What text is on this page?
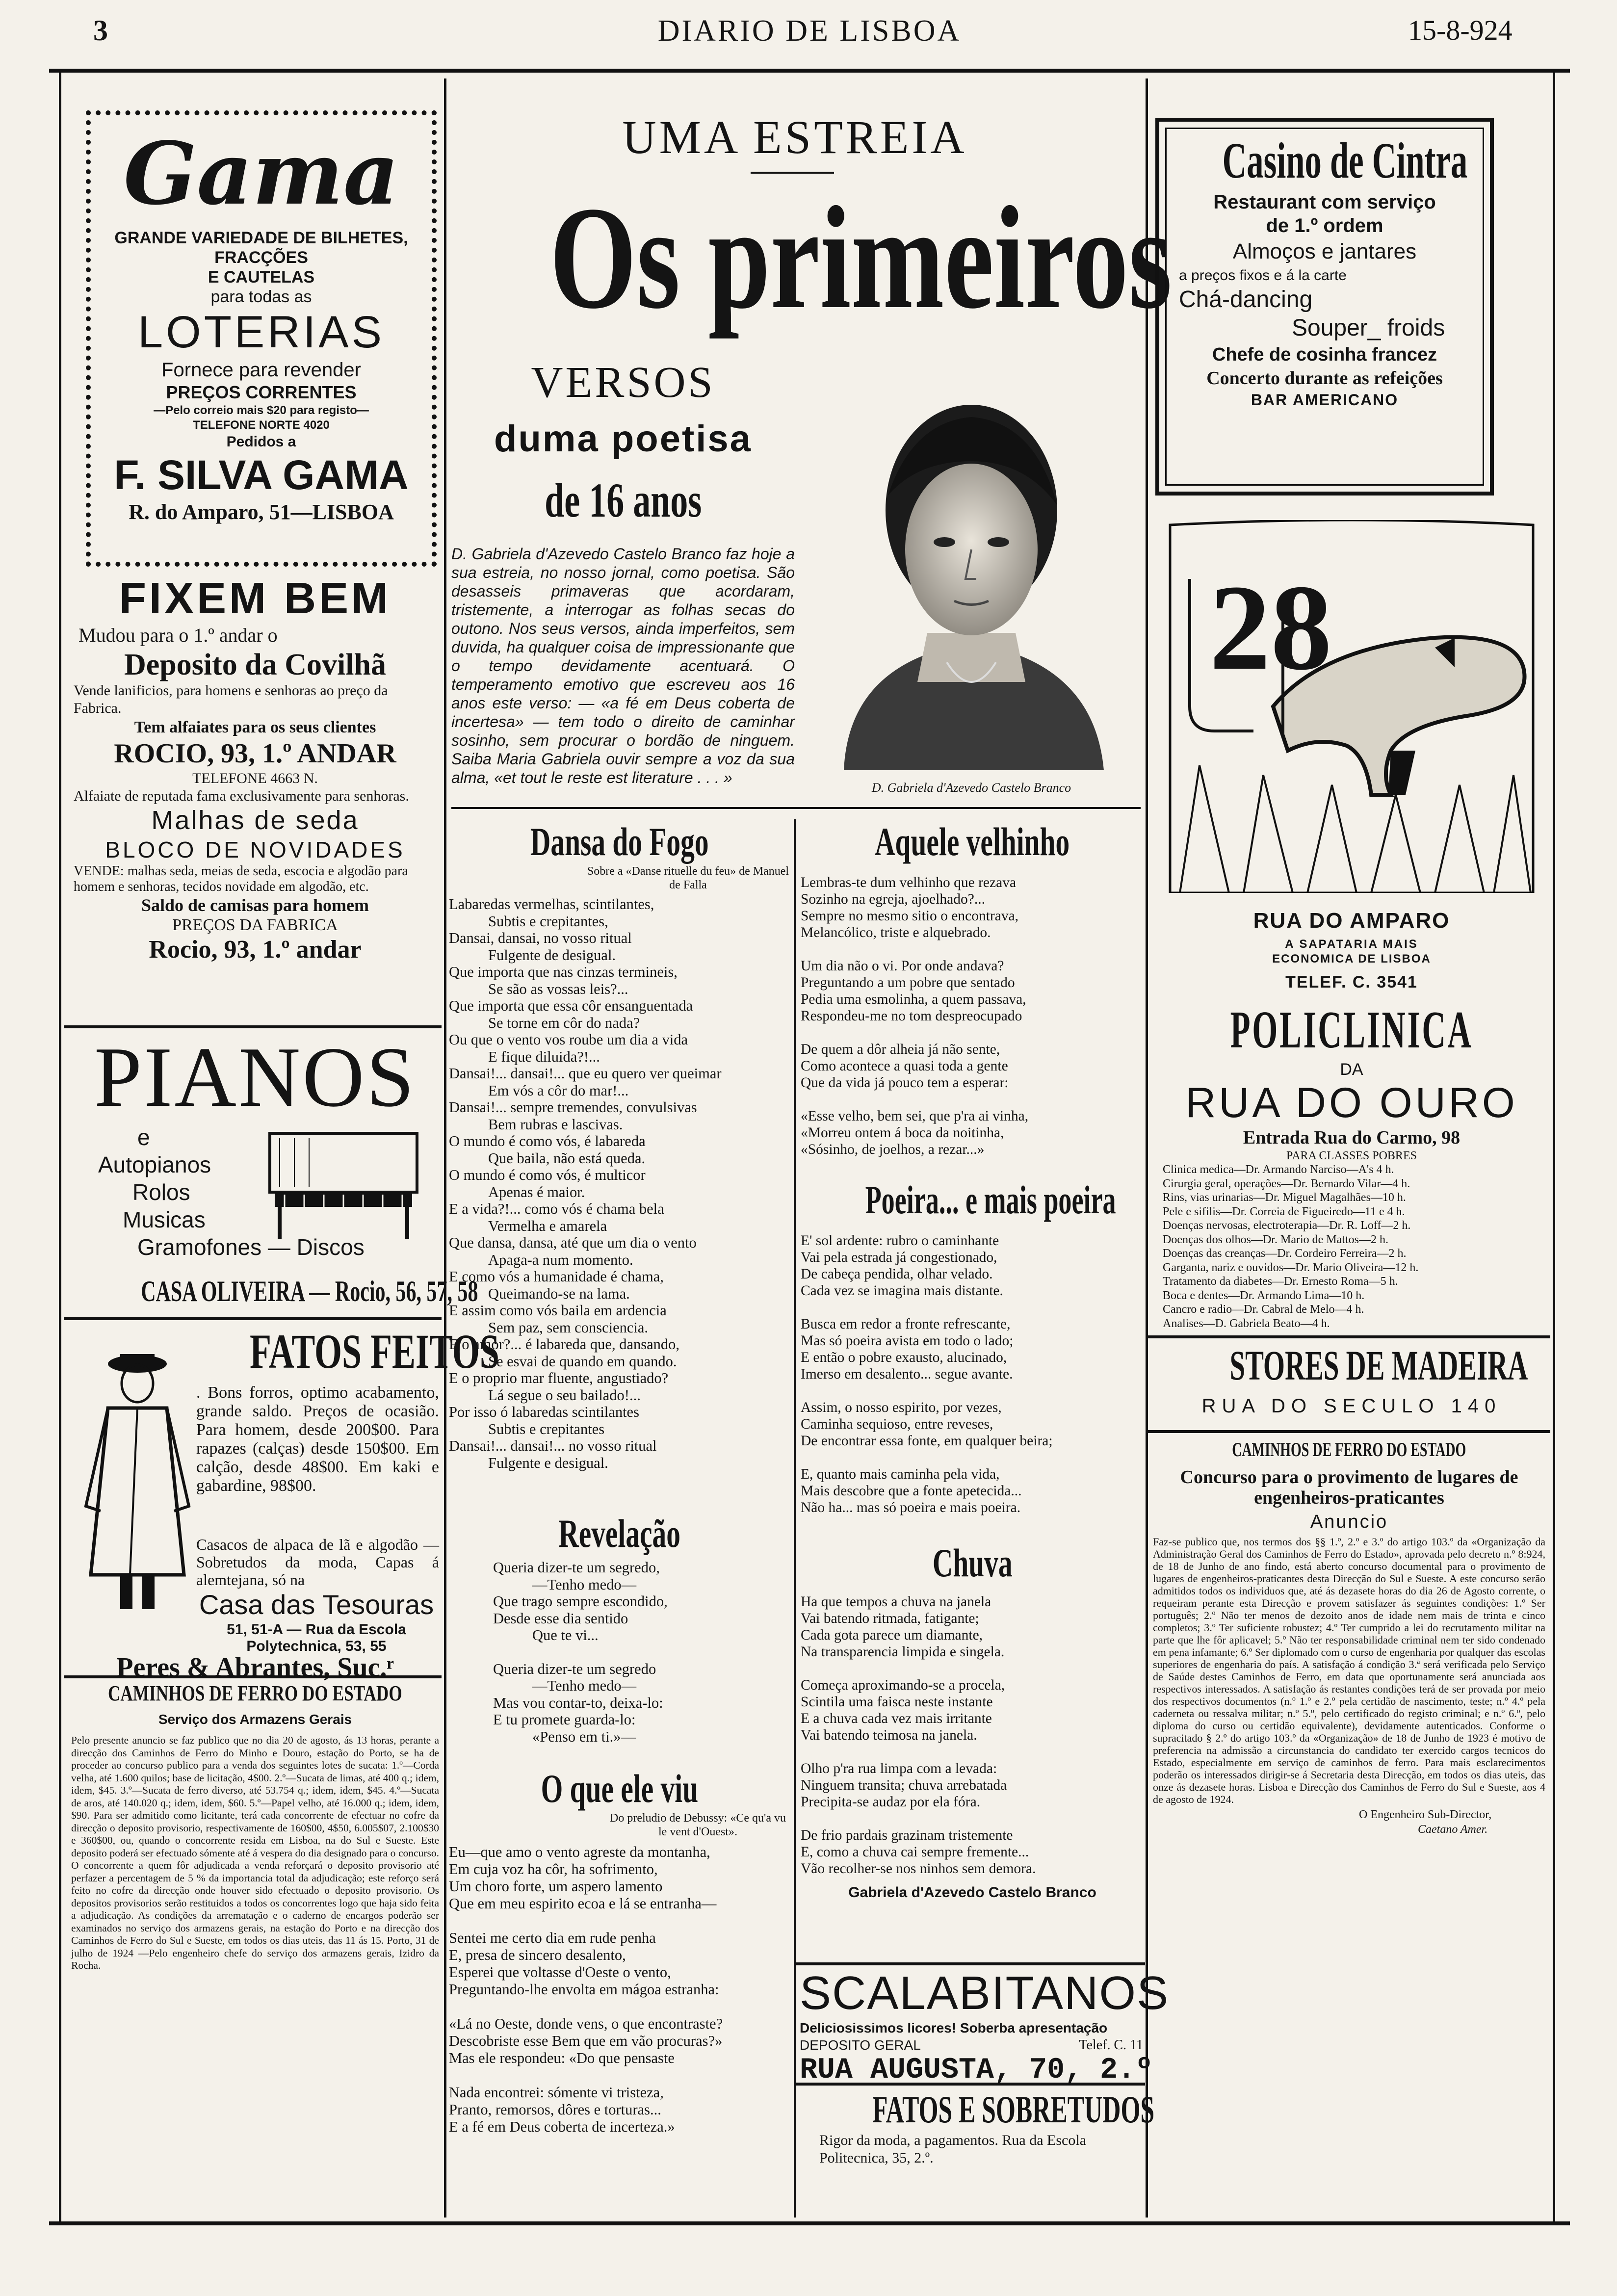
3	DIARIO DE LISBOA	15-8-924
Gama
GRANDE VARIEDADE DE BILHETES, FRACÇÕES
E CAUTELAS
para todas as
LOTERIAS
Fornece para revender
PREÇOS CORRENTES
—Pelo correio mais $20 para registo—
TELEFONE NORTE 4020
Pedidos a
F. SILVA GAMA
R. do Amparo, 51—LISBOA
FIXEM BEM
Mudou para o 1.º andar o
Deposito da Covilhã
Vende lanificios, para homens e senhoras ao preço da Fabrica.
Tem alfaiates para os seus clientes
ROCIO, 93, 1.º ANDAR
TELEFONE 4663 N.
Alfaiate de reputada fama exclusivamente para senhoras.
Malhas de seda
BLOCO DE NOVIDADES
VENDE: malhas seda, meias de seda, escocia e algodão para homem e senhoras, tecidos novidade em algodão, etc.
Saldo de camisas para homem
PREÇOS DA FABRICA
Rocio, 93, 1.º andar
PIANOS
e
Autopianos
Rolos
Musicas
Gramofones — Discos
CASA OLIVEIRA — Rocio, 56, 57, 58
FATOS FEITOS
. Bons forros, optimo acabamento, grande saldo. Preços de ocasião. Para homem, desde 200$00. Para rapazes (calças) desde 150$00. Em calção, desde 48$00. Em kaki e gabardine, 98$00.
Casacos de alpaca de lã e algodão — Sobretudos da moda, Capas á alemtejana, só na
Casa das Tesouras
51, 51-A — Rua da Escola Polytechnica, 53, 55
Peres & Abrantes, Suc.ʳ
CAMINHOS DE FERRO DO ESTADO
Serviço dos Armazens Gerais
Pelo presente anuncio se faz publico que no dia 20 de agosto, ás 13 horas, perante a direcção dos Caminhos de Ferro do Minho e Douro, estação do Porto, se ha de proceder ao concurso publico para a venda dos seguintes lotes de sucata: 1.º—Corda velha, até 1.600 quilos; base de licitação, 4$00. 2.º—Sucata de limas, até 400 q.; idem, idem, $45. 3.º—Sucata de ferro diverso, até 53.754 q.; idem, idem, $45. 4.º—Sucata de aros, até 140.020 q.; idem, idem, $60. 5.º—Papel velho, até 16.000 q.; idem, idem, $90. Para ser admitido como licitante, terá cada concorrente de efectuar no cofre da direcção o deposito provisorio, respectivamente de 160$00, 4$50, 6.005$07, 2.100$30 e 360$00, ou, quando o concorrente resida em Lisboa, na do Sul e Sueste. Este deposito poderá ser efectuado sómente até á vespera do dia designado para o concurso. O concorrente a quem fôr adjudicada a venda reforçará o deposito provisorio até perfazer a percentagem de 5 % da importancia total da adjudicação; este reforço será feito no cofre da direcção onde houver sido efectuado o deposito provisorio. Os depositos provisorios serão restituidos a todos os concorrentes logo que haja sido feita a adjudicação. As condições da arrematação e o caderno de encargos poderão ser examinados no serviço dos armazens gerais, na estação do Porto e na direcção dos Caminhos de Ferro do Sul e Sueste, em todos os dias uteis, das 11 ás 15. Porto, 31 de julho de 1924 —Pelo engenheiro chefe do serviço dos armazens gerais, Izidro da Rocha.
UMA ESTREIA
Os primeiros
VERSOS
duma poetisa
de 16 anos
D. Gabriela d'Azevedo Castelo Branco faz hoje a sua estreia, no nosso jornal, como poetisa. São desasseis primaveras que acordaram, tristemente, a interrogar as folhas secas do outono. Nos seus versos, ainda imperfeitos, sem duvida, ha qualquer coisa de impressionante que o tempo devidamente acentuará. O temperamento emotivo que escreveu aos 16 anos este verso: — «a fé em Deus coberta de incertesa» — tem todo o direito de caminhar sosinho, sem procurar o bordão de ninguem. Saiba Maria Gabriela ouvir sempre a voz da sua alma, «et tout le reste est literature . . . »
D. Gabriela d'Azevedo Castelo Branco
Dansa do Fogo
Sobre a «Danse rituelle du feu» de Manuel de Falla
Labaredas vermelhas, scintilantes,
Subtis e crepitantes,
Dansai, dansai, no vosso ritual
Fulgente de desigual.
Que importa que nas cinzas termineis,
Se são as vossas leis?...
Que importa que essa côr ensanguentada
Se torne em côr do nada?
Ou que o vento vos roube um dia a vida
E fique diluida?!...
Dansai!... dansai!... que eu quero ver queimar
Em vós a côr do mar!...
Dansai!... sempre tremendes, convulsivas
Bem rubras e lascivas.
O mundo é como vós, é labareda
Que baila, não está queda.
O mundo é como vós, é multicor
Apenas é maior.
E a vida?!... como vós é chama bela
Vermelha e amarela
Que dansa, dansa, até que um dia o vento
Apaga-a num momento.
E como vós a humanidade é chama,
Queimando-se na lama.
E assim como vós baila em ardencia
Sem paz, sem consciencia.
E o amor?... é labareda que, dansando,
Se esvai de quando em quando.
E o proprio mar fluente, angustiado?
Lá segue o seu bailado!...
Por isso ó labaredas scintilantes
Subtis e crepitantes
Dansai!... dansai!... no vosso ritual
Fulgente e desigual.
Revelação
Queria dizer-te um segredo,
—Tenho medo—
Que trago sempre escondido,
Desde esse dia sentido
Que te vi...
Queria dizer-te um segredo
—Tenho medo—
Mas vou contar-to, deixa-lo:
E tu promete guarda-lo:
«Penso em ti.»—
O que ele viu
Do preludio de Debussy: «Ce qu'a vu le vent d'Ouest».
Eu—que amo o vento agreste da montanha,
Em cuja voz ha côr, ha sofrimento,
Um choro forte, um aspero lamento
Que em meu espirito ecoa e lá se entranha—
Sentei me certo dia em rude penha
E, presa de sincero desalento,
Esperei que voltasse d'Oeste o vento,
Preguntando-lhe envolta em mágoa estranha:
«Lá no Oeste, donde vens, o que encontraste?
Descobriste esse Bem que em vão procuras?»
Mas ele respondeu: «Do que pensaste
Nada encontrei: sómente vi tristeza,
Pranto, remorsos, dôres e torturas...
E a fé em Deus coberta de incerteza.»
Aquele velhinho
Lembras-te dum velhinho que rezava
Sozinho na egreja, ajoelhado?...
Sempre no mesmo sitio o encontrava,
Melancólico, triste e alquebrado.
Um dia não o vi. Por onde andava?
Preguntando a um pobre que sentado
Pedia uma esmolinha, a quem passava,
Respondeu-me no tom despreocupado
De quem a dôr alheia já não sente,
Como acontece a quasi toda a gente
Que da vida já pouco tem a esperar:
«Esse velho, bem sei, que p'ra ai vinha,
«Morreu ontem á boca da noitinha,
«Sósinho, de joelhos, a rezar...»
Poeira... e mais poeira
E' sol ardente: rubro o caminhante
Vai pela estrada já congestionado,
De cabeça pendida, olhar velado.
Cada vez se imagina mais distante.
Busca em redor a fronte refrescante,
Mas só poeira avista em todo o lado;
E então o pobre exausto, alucinado,
Imerso em desalento... segue avante.
Assim, o nosso espirito, por vezes,
Caminha sequioso, entre reveses,
De encontrar essa fonte, em qualquer beira;
E, quanto mais caminha pela vida,
Mais descobre que a fonte apetecida...
Não ha... mas só poeira e mais poeira.
Chuva
Ha que tempos a chuva na janela
Vai batendo ritmada, fatigante;
Cada gota parece um diamante,
Na transparencia limpida e singela.
Começa aproximando-se a procela,
Scintila uma faisca neste instante
E a chuva cada vez mais irritante
Vai batendo teimosa na janela.
Olho p'ra rua limpa com a levada:
Ninguem transita; chuva arrebatada
Precipita-se audaz por ela fóra.
De frio pardais grazinam tristemente
E, como a chuva cai sempre fremente...
Vão recolher-se nos ninhos sem demora.
Gabriela d'Azevedo Castelo Branco
SCALABITANOS
Deliciosissimos licores! Soberba apresentação
DEPOSITO GERAL	Telef. C. 11
RUA AUGUSTA, 70, 2.º
FATOS E SOBRETUDOS
Rigor da moda, a pagamentos. Rua da Escola Politecnica, 35, 2.º.
Casino de Cintra
Restaurant com serviço
de 1.º ordem
Almoços e jantares
a preços fixos e á la carte
Chá-dancing
Souper_ froids
Chefe de cosinha francez
Concerto durante as refeições
BAR AMERICANO
28
RUA DO AMPARO
A SAPATARIA MAIS
ECONOMICA DE LISBOA
TELEF. C. 3541
POLICLINICA
DA
RUA DO OURO
Entrada Rua do Carmo, 98
PARA CLASSES POBRES
Clinica medica—Dr. Armando Narciso—A's 4 h.
Cirurgia geral, operações—Dr. Bernardo Vilar—4 h.
Rins, vias urinarias—Dr. Miguel Magalhães—10 h.
Pele e sifilis—Dr. Correia de Figueiredo—11 e 4 h.
Doenças nervosas, electroterapia—Dr. R. Loff—2 h.
Doenças dos olhos—Dr. Mario de Mattos—2 h.
Doenças das creanças—Dr. Cordeiro Ferreira—2 h.
Garganta, nariz e ouvidos—Dr. Mario Oliveira—12 h.
Tratamento da diabetes—Dr. Ernesto Roma—5 h.
Boca e dentes—Dr. Armando Lima—10 h.
Cancro e radio—Dr. Cabral de Melo—4 h.
Analises—D. Gabriela Beato—4 h.
STORES DE MADEIRA
RUA DO SECULO 140
CAMINHOS DE FERRO DO ESTADO
Concurso para o provimento de lugares de engenheiros-praticantes
Anuncio
Faz-se publico que, nos termos dos §§ 1.º, 2.º e 3.º do artigo 103.º da «Organização da Administração Geral dos Caminhos de Ferro do Estado», aprovada pelo decreto n.º 8:924, de 18 de Junho de ano findo, está aberto concurso documental para o provimento de lugares de engenheiros-praticantes desta Direcção do Sul e Sueste. A este concurso serão admitidos todos os individuos que, até ás dezasete horas do dia 26 de Agosto corrente, o requeiram perante esta Direcção e provem satisfazer ás seguintes condições: 1.º Ser português; 2.º Não ter menos de dezoito anos de idade nem mais de trinta e cinco completos; 3.º Ter suficiente robustez; 4.º Ter cumprido a lei do recrutamento militar na parte que lhe fôr aplicavel; 5.º Não ter responsabilidade criminal nem ter sido condenado em pena infamante; 6.º Ser diplomado com o curso de engenharia por qualquer das escolas superiores de engenharia do país. A satisfação á condição 3.ª será verificada pelo Serviço de Saúde destes Caminhos de Ferro, em data que oportunamente será anunciada aos respectivos interessados. A satisfação ás restantes condições terá de ser provada por meio dos respectivos documentos (n.º 1.º e 2.º pela certidão de nascimento, teste; n.º 4.º pela caderneta ou ressalva militar; n.º 5.º, pelo certificado do registo criminal; e n.º 6.º, pelo diploma do curso ou certidão equivalente), devidamente autenticados. Conforme o supracitado § 2.º do artigo 103.º da «Organização» de 18 de Junho de 1923 é motivo de preferencia na admissão a circunstancia do candidato ter exercido cargos tecnicos do Estado, especialmente em serviço de caminhos de ferro. Para mais esclarecimentos poderão os interessados dirigir-se á Secretaria desta Direcção, em todos os dias uteis, das onze ás dezasete horas. Lisboa e Direcção dos Caminhos de Ferro do Sul e Sueste, aos 4 de agosto de 1924.
O Engenheiro Sub-Director,
Caetano Amer.
